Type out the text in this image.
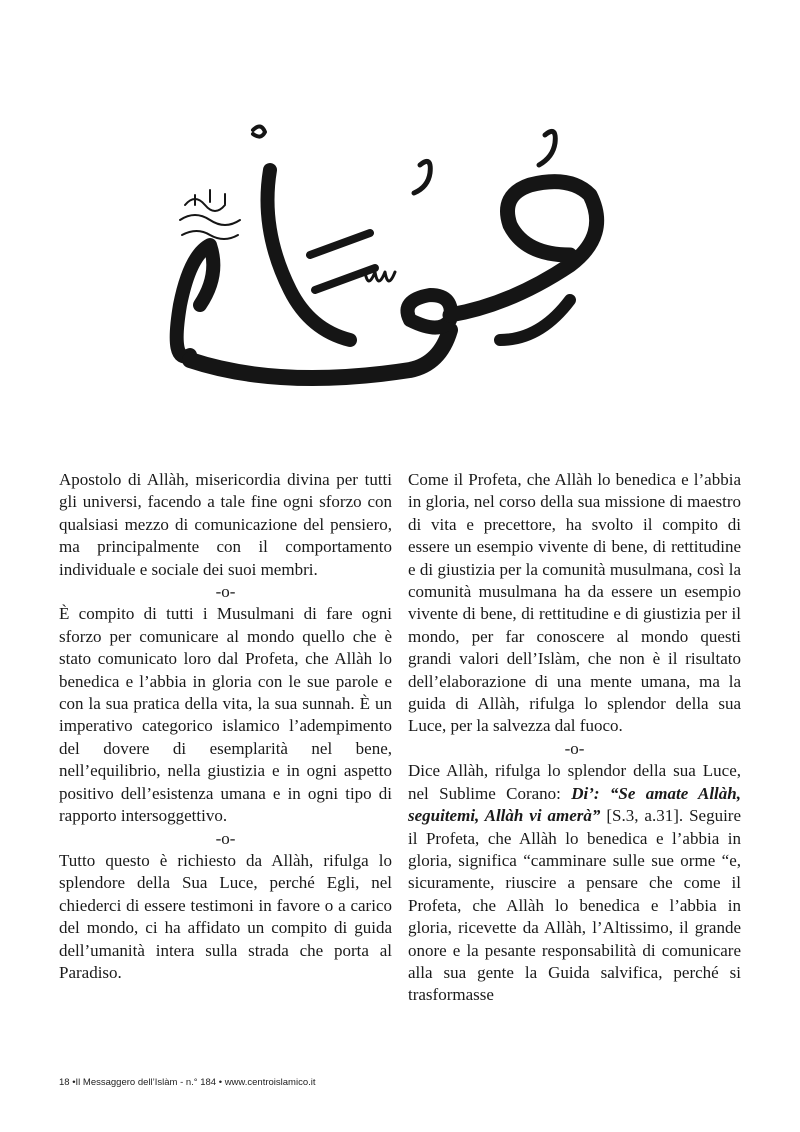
Apostolo di Allàh, misericordia divina per tutti gli universi, facendo a tale fine ogni sforzo con qualsiasi mezzo di comunicazione del pensiero, ma principalmente con il comportamento individuale e sociale dei suoi membri.

-o-

È compito di tutti i Musulmani di fare ogni sforzo per comunicare al mondo quello che è stato comunicato loro dal Profeta, che Allàh lo benedica e l’abbia in gloria con le sue parole e con la sua pratica della vita, la sua sunnah. È un imperativo categorico islamico l’adempimento del dovere di esemplarità nel bene, nell’equilibrio, nella giustizia e in ogni aspetto positivo dell’esistenza umana e in ogni tipo di rapporto intersoggettivo.

-o-

Tutto questo è richiesto da Allàh, rifulga lo splendore della Sua Luce, perché Egli, nel chiederci di essere testimoni in favore o a carico del mondo, ci ha affidato un compito di guida dell’umanità intera sulla strada che porta al Paradiso.

Come il Profeta, che Allàh lo benedica e l’abbia in gloria, nel corso della sua missione di maestro di vita e precettore, ha svolto il compito di essere un esempio vivente di bene, di rettitudine e di giustizia per la comunità musulmana, così la comunità musulmana ha da essere un esempio vivente di bene, di rettitudine e di giustizia per il mondo, per far conoscere al mondo questi grandi valori dell’Islàm, che non è il risultato dell’elaborazione di una mente umana, ma la guida di Allàh, rifulga lo splendor della sua Luce, per la salvezza dal fuoco.

-o-

Dice Allàh, rifulga lo splendor della sua Luce, nel Sublime Corano: Di’: “Se amate Allàh, seguitemi, Allàh vi amerà” [S.3, a.31]. Seguire il Profeta, che Allàh lo benedica e l’abbia in gloria, significa “camminare sulle sue orme “e, sicuramente, riuscire a pensare che come il Profeta, che Allàh lo benedica e l’abbia in gloria, ricevette da Allàh, l’Altissimo, il grande onore e la pesante responsabilità di comunicare alla sua gente la Guida salvifica, perché si trasformasse

18 •Il Messaggero dell’Islàm - n.° 184 • www.centroislamico.it
